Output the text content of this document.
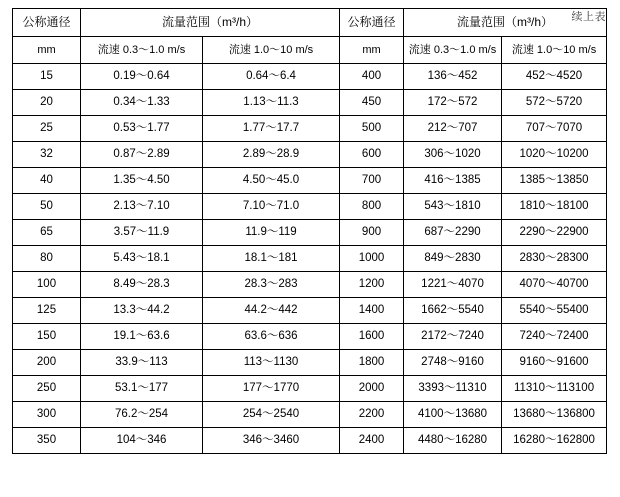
续上表
公称通径	流量范围（m³/h）		公称通径	流量范围（m³/h）	
mm	流速 0.3～1.0 m/s	流速 1.0～10 m/s	mm	流速 0.3～1.0 m/s	流速 1.0～10 m/s
15	0.19～0.64	0.64～6.4	400	136～452	452～4520
20	0.34～1.33	1.13～11.3	450	172～572	572～5720
25	0.53～1.77	1.77～17.7	500	212～707	707～7070
32	0.87～2.89	2.89～28.9	600	306～1020	1020～10200
40	1.35～4.50	4.50～45.0	700	416～1385	1385～13850
50	2.13～7.10	7.10～71.0	800	543～1810	1810～18100
65	3.57～11.9	11.9～119	900	687～2290	2290～22900
80	5.43～18.1	18.1～181	1000	849～2830	2830～28300
100	8.49～28.3	28.3～283	1200	1221～4070	4070～40700
125	13.3～44.2	44.2～442	1400	1662～5540	5540～55400
150	19.1～63.6	63.6～636	1600	2172～7240	7240～72400
200	33.9～113	113～1130	1800	2748～9160	9160～91600
250	53.1～177	177～1770	2000	3393～11310	11310～113100
300	76.2～254	254～2540	2200	4100～13680	13680～136800
350	104～346	346～3460	2400	4480～16280	16280～162800
